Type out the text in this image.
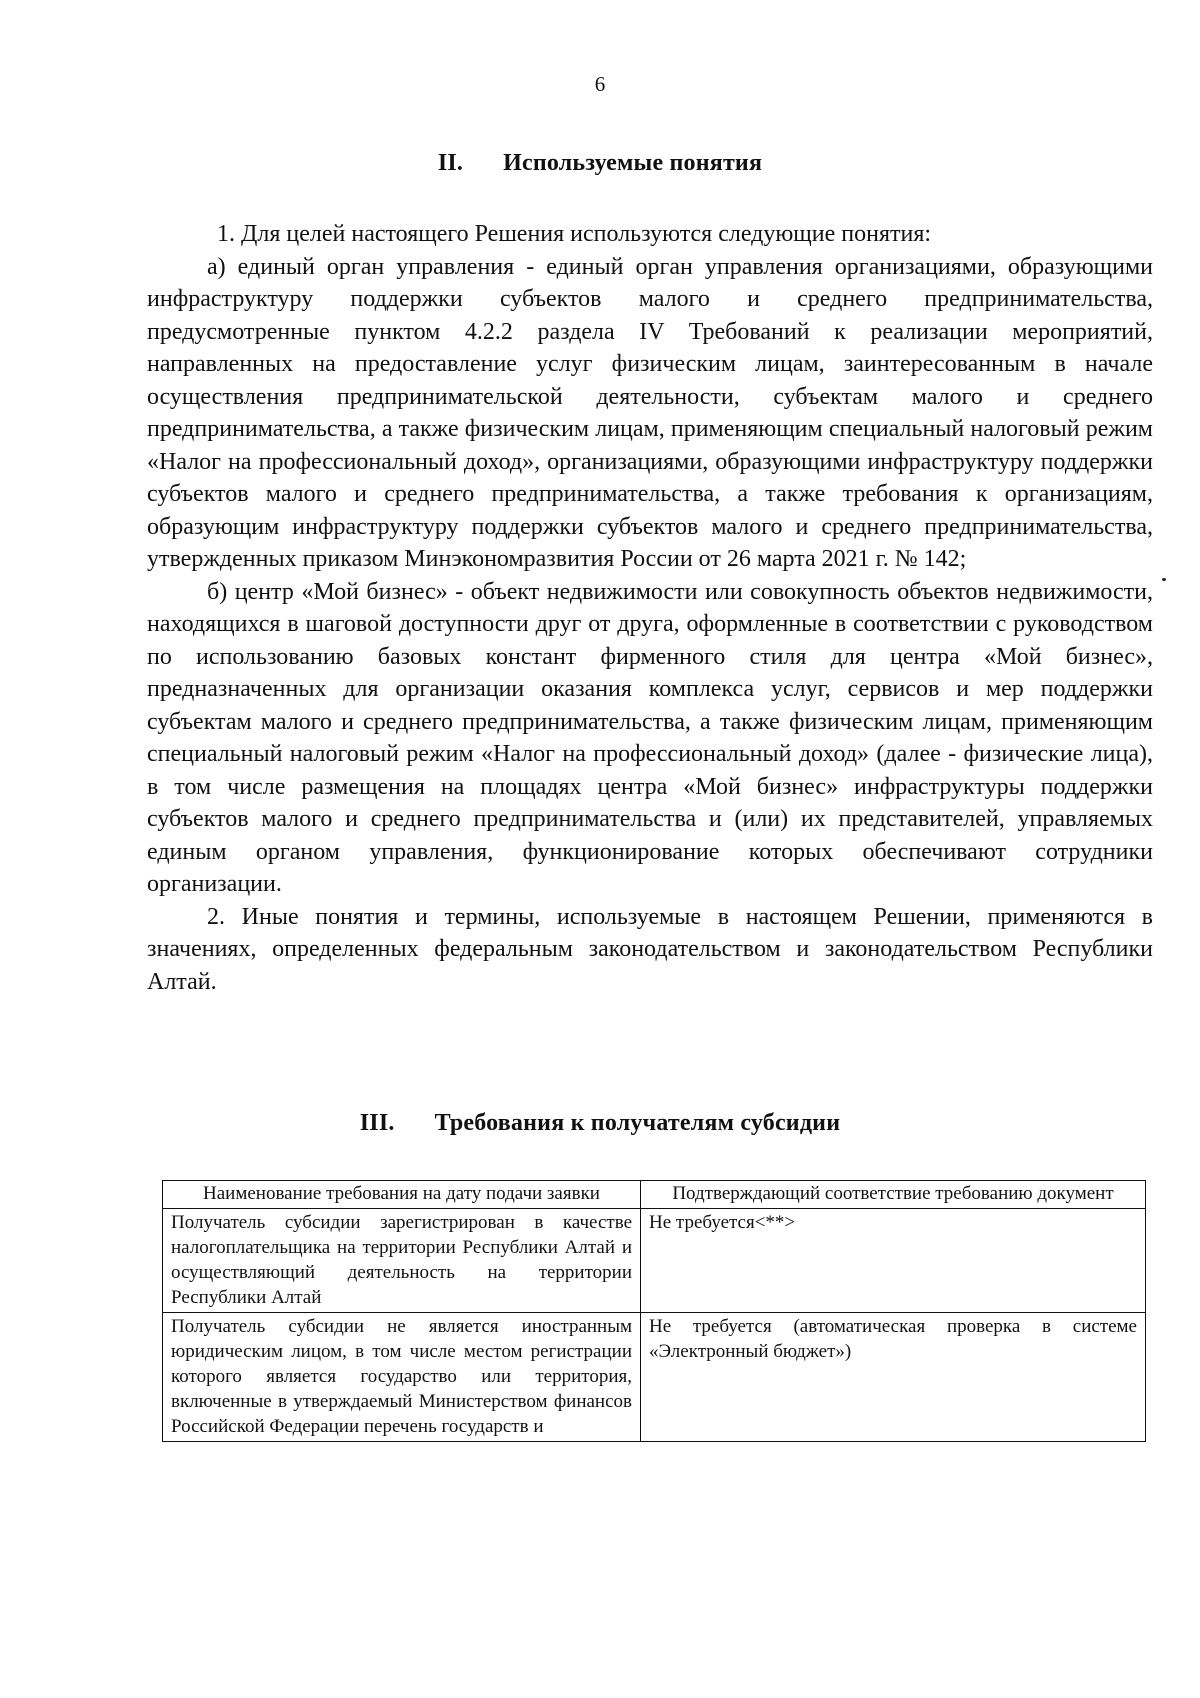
6
II. Используемые понятия

1. Для целей настоящего Решения используются следующие понятия:

а) единый орган управления - единый орган управления организациями, образующими инфраструктуру поддержки субъектов малого и среднего предпринимательства, предусмотренные пунктом 4.2.2 раздела IV Требований к реализации мероприятий, направленных на предоставление услуг физическим лицам, заинтересованным в начале осуществления предпринимательской деятельности, субъектам малого и среднего предпринимательства, а также физическим лицам, применяющим специальный налоговый режим «Налог на профессиональный доход», организациями, образующими инфраструктуру поддержки субъектов малого и среднего предпринимательства, а также требования к организациям, образующим инфраструктуру поддержки субъектов малого и среднего предпринимательства, утвержденных приказом Минэкономразвития России от 26 марта 2021 г. № 142;

б) центр «Мой бизнес» - объект недвижимости или совокупность объектов недвижимости, находящихся в шаговой доступности друг от друга, оформленные в соответствии с руководством по использованию базовых констант фирменного стиля для центра «Мой бизнес», предназначенных для организации оказания комплекса услуг, сервисов и мер поддержки субъектам малого и среднего предпринимательства, а также физическим лицам, применяющим специальный налоговый режим «Налог на профессиональный доход» (далее - физические лица), в том числе размещения на площадях центра «Мой бизнес» инфраструктуры поддержки субъектов малого и среднего предпринимательства и (или) их представителей, управляемых единым органом управления, функционирование которых обеспечивают сотрудники организации.

2. Иные понятия и термины, используемые в настоящем Решении, применяются в значениях, определенных федеральным законодательством и законодательством Республики Алтай.

III. Требования к получателям субсидии
Наименование требования на дату подачи заявки	Подтверждающий соответствие требованию документ
Получатель субсидии зарегистрирован в качестве налогоплательщика на территории Республики Алтай и осуществляющий деятельность на территории Республики Алтай	Не требуется<**>
Получатель субсидии не является иностранным юридическим лицом, в том числе местом регистрации которого является государство или территория, включенные в утверждаемый Министерством финансов Российской Федерации перечень государств и	Не требуется (автоматическая проверка в системе «Электронный бюджет»)
